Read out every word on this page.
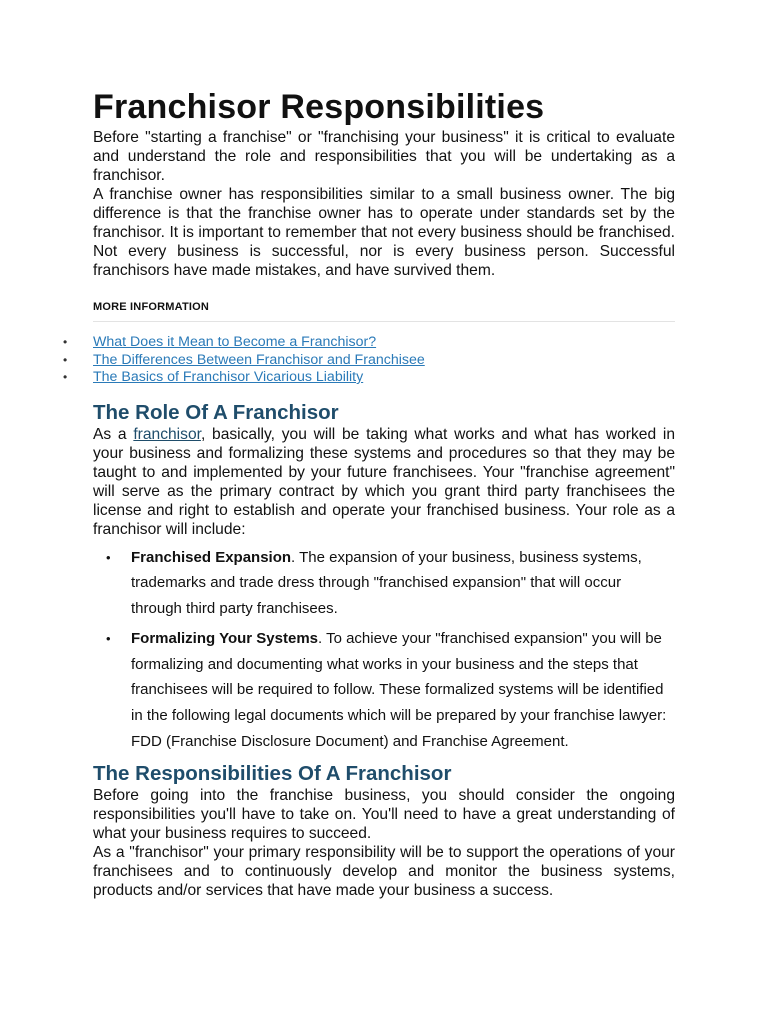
Franchisor Responsibilities

Before "starting a franchise" or "franchising your business" it is critical to evaluate and understand the role and responsibilities that you will be undertaking as a franchisor.

A franchise owner has responsibilities similar to a small business owner. The big difference is that the franchise owner has to operate under standards set by the franchisor. It is important to remember that not every business should be franchised. Not every business is successful, nor is every business person. Successful franchisors have made mistakes, and have survived them.

MORE INFORMATION
• What Does it Mean to Become a Franchisor?
• The Differences Between Franchisor and Franchisee
• The Basics of Franchisor Vicarious Liability
The Role Of A Franchisor

As a franchisor, basically, you will be taking what works and what has worked in your business and formalizing these systems and procedures so that they may be taught to and implemented by your future franchisees. Your "franchise agreement" will serve as the primary contract by which you grant third party franchisees the license and right to establish and operate your franchised business. Your role as a franchisor will include:

• Franchised Expansion. The expansion of your business, business systems, trademarks and trade dress through "franchised expansion" that will occur through third party franchisees.
• Formalizing Your Systems. To achieve your "franchised expansion" you will be formalizing and documenting what works in your business and the steps that franchisees will be required to follow. These formalized systems will be identified in the following legal documents which will be prepared by your franchise lawyer: FDD (Franchise Disclosure Document) and Franchise Agreement.
The Responsibilities Of A Franchisor

Before going into the franchise business, you should consider the ongoing responsibilities you'll have to take on. You'll need to have a great understanding of what your business requires to succeed.

As a "franchisor" your primary responsibility will be to support the operations of your franchisees and to continuously develop and monitor the business systems, products and/or services that have made your business a success.
